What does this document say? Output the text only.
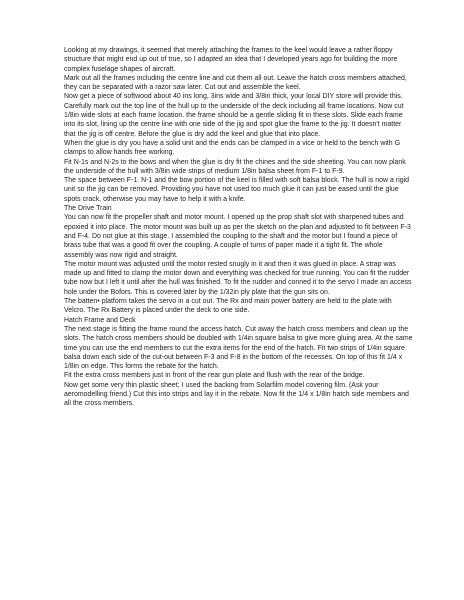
Looking at my drawings, it seemed that merely attaching the frames to the keel would leave a rather floppy structure that might end up out of true, so I adapted an idea that I developed years ago for building the more complex fuselage shapes of aircraft.

Mark out all the frames including the centre line and cut them all out. Leave the hatch cross members attached, they can be separated with a razor saw later. Cut out and assemble the keel.

Now get a piece of softwood about 40 ins long, 3ins wide and 3/8in thick, your local DIY store will provide this. Carefully mark out the top line of the hull up to the underside of the deck including all frame locations. Now cut 1/8in wide slots at each frame location. the frame should be a gentle sliding fit in these slots. Slide each frame into its slot, lining up the centre line with one side of the jig and spot glue the frame to the jig. It doesn't matter that the jig is off centre. Before the glue is dry add the keel and glue that into place.

When the glue is dry you have a solid unit and the ends can be clamped in a vice or held to the bench with G clamps to allow hands free working.

Fit N-1s and N-2s to the bows and when the glue is dry fit the chines and the side sheeting. You can now plank the underside of the hull with 3/8in wide strips of medium 1/8in balsa sheet from F-1 to F-9.

The space between F-1. N-1 and the bow portion of the keel is filled with soft balsa block. The hull is now a rigid unit so the jig can be removed. Providing you have not used too much glue it can just be eased until the glue spots crack, otherwise you may have to help it with a knife.

The Drive Train

You can now fit the propeller shaft and motor mount. I opened up the prop shaft slot with sharpened tubes and epoxied it into place. The motor mount was built up as per the sketch on the plan and adjusted to fit between F-3 and F-4. Do not glue at this stage. I assembled the coupling to the shaft and the motor but I found a piece of brass tube that was a good fit over the coupling. A couple of turns of paper made it a tight fit. The whole assembly was now rigid and straight.

The motor mount was adjusted until the motor rested snugly in it and then it was glued in place. A strap was made up and fitted to clamp the motor down and everything was checked for true running. You can fit the rudder tube now but I left it until after the hull was finished. To fit the rudder and conned it to the servo I made an access hole under the Bofors. This is covered later by the 1/32in ply plate that the gun sits on.

The batten• platform takes the servo in a cut out. The Rx and main power battery are held to the plate with Velcro. The Rx Battery is placed under the deck to one side.

Hatch Frame and Deck

The next stage is fitting the frame round the access hatch. Cut away the hatch cross members and clean up the slots. The hatch cross members should be doubled with 1/4in square balsa to give more gluing area. At the same time you can use the end members to cut the extra items for the end of the hatch. Fit two strips of 1/4in square balsa down each side of the cut-out between F-3 and F-8 in the bottom of the recesses. On top of this fit 1/4 x 1/8in on edge. This forms the rebate for the hatch.

Fit the extra cross members just in front of the rear gun plate and flush with the rear of the bridge.

Now get some very thin plastic sheet; I used the backing from Solarfilm model covering film. (Ask your aeromodelling friend.) Cut this into strips and lay it in the rebate. Now fit the 1/4 x 1/8in hatch side members and all the cross members.
